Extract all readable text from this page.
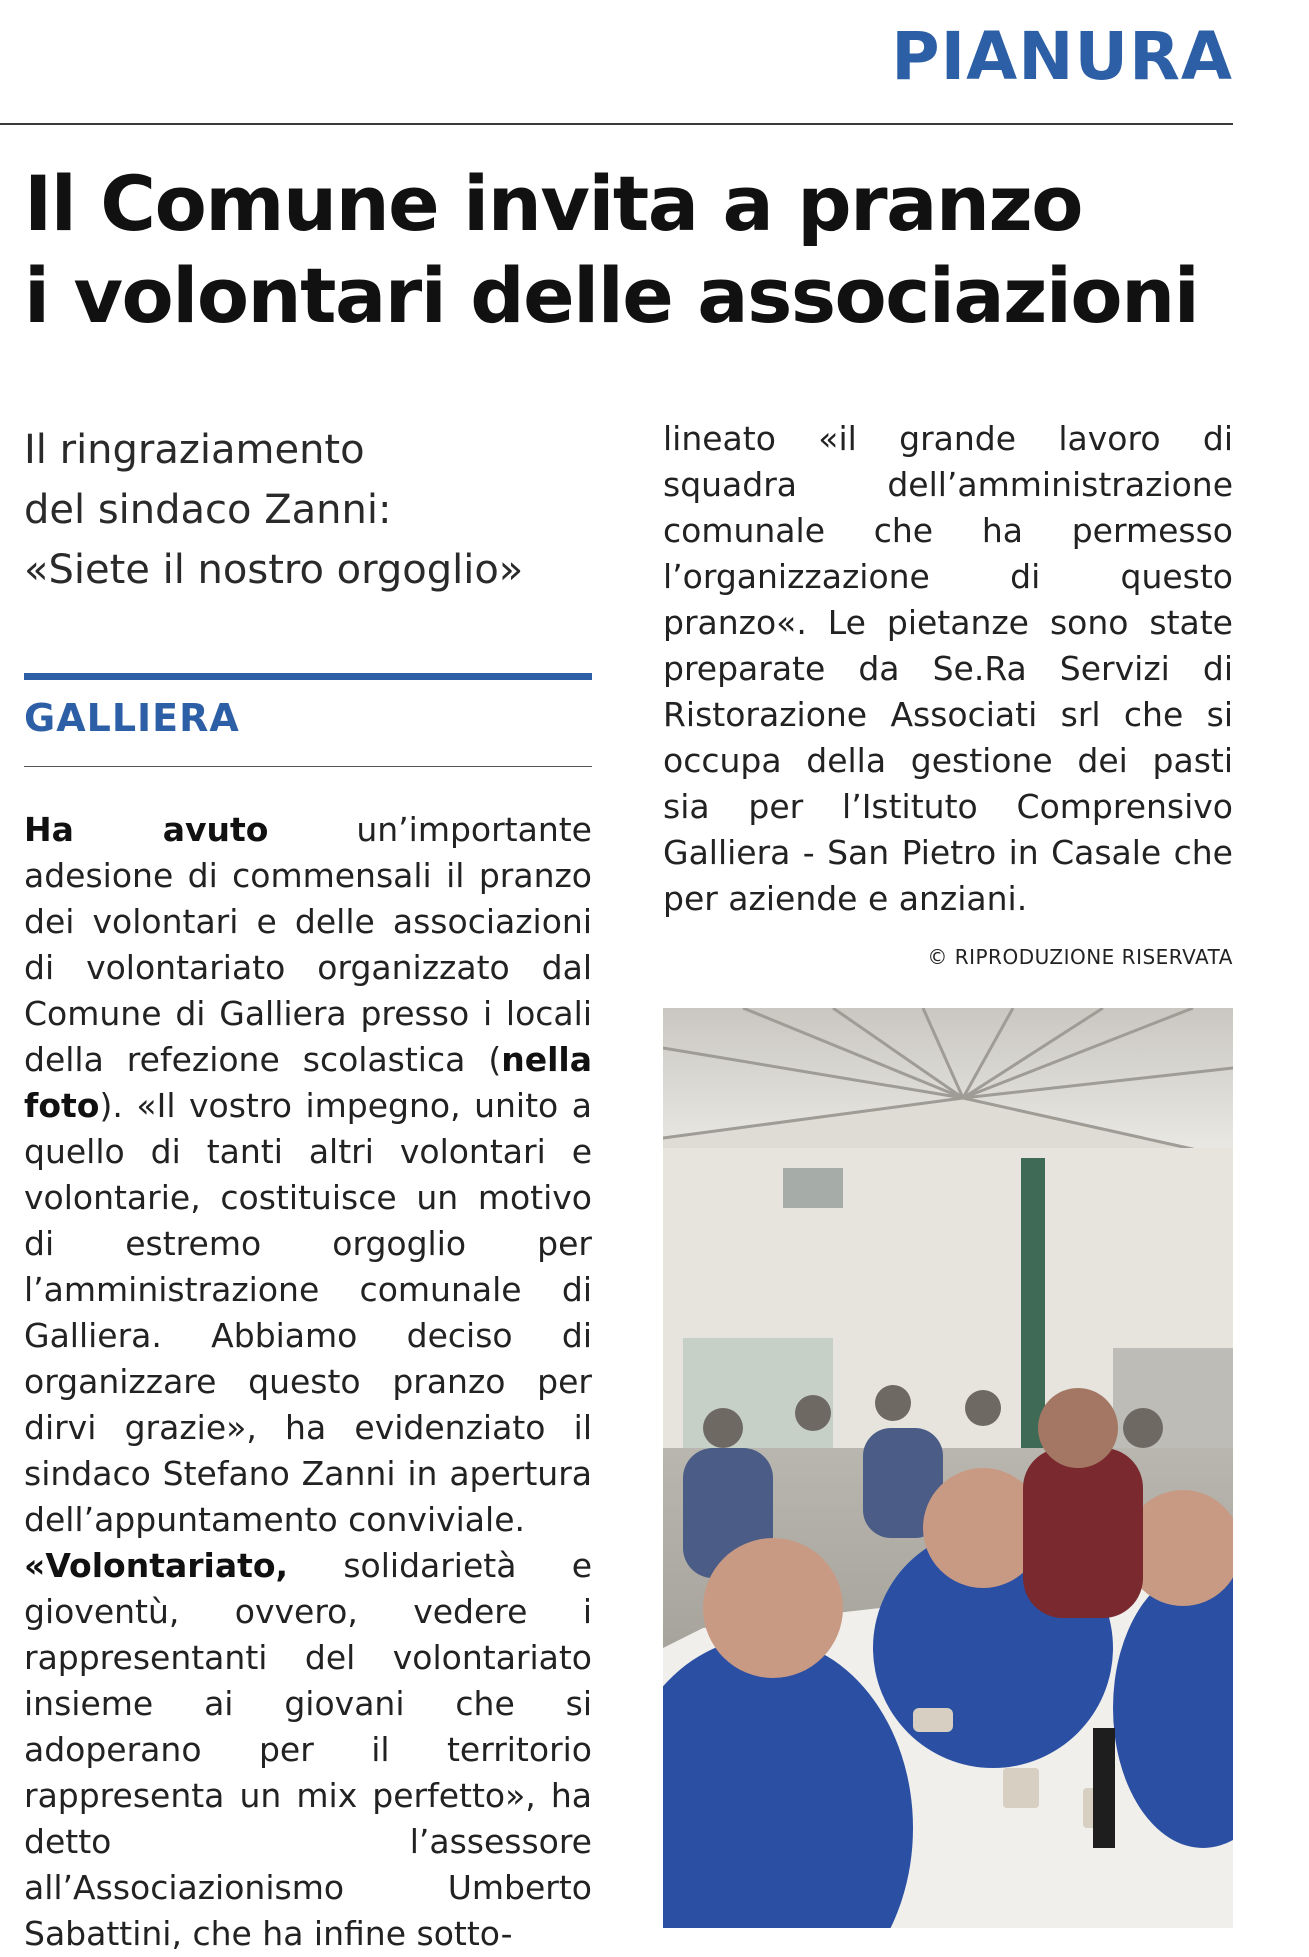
PIANURA
Il Comune invita a pranzo
i volontari delle associazioni
Il ringraziamento
del sindaco Zanni:
«Siete il nostro orgoglio»
GALLIERA

Ha avuto un’importante adesione di commensali il pranzo dei volontari e delle associazioni di volontariato organizzato dal Comune di Galliera presso i locali della refezione scolastica (nella foto). «Il vostro impegno, unito a quello di tanti altri volontari e volontarie, costituisce un motivo di estremo orgoglio per l’amministrazione comunale di Galliera. Abbiamo deciso di organizzare questo pranzo per dirvi grazie», ha evidenziato il sindaco Stefano Zanni in apertura dell’appuntamento conviviale.

«Volontariato, solidarietà e gioventù, ovvero, vedere i rappresentanti del volontariato insieme ai giovani che si adoperano per il territorio rappresenta un mix perfetto», ha detto l’assessore all’Associazionismo Umberto Sabattini, che ha infine sotto-

lineato «il grande lavoro di squadra dell’amministrazione comunale che ha permesso l’organizzazione di questo pranzo«. Le pietanze sono state preparate da Se.Ra Servizi di Ristorazione Associati srl che si occupa della gestione dei pasti sia per l’Istituto Comprensivo Galliera - San Pietro in Casale che per aziende e anziani.

© RIPRODUZIONE RISERVATA
